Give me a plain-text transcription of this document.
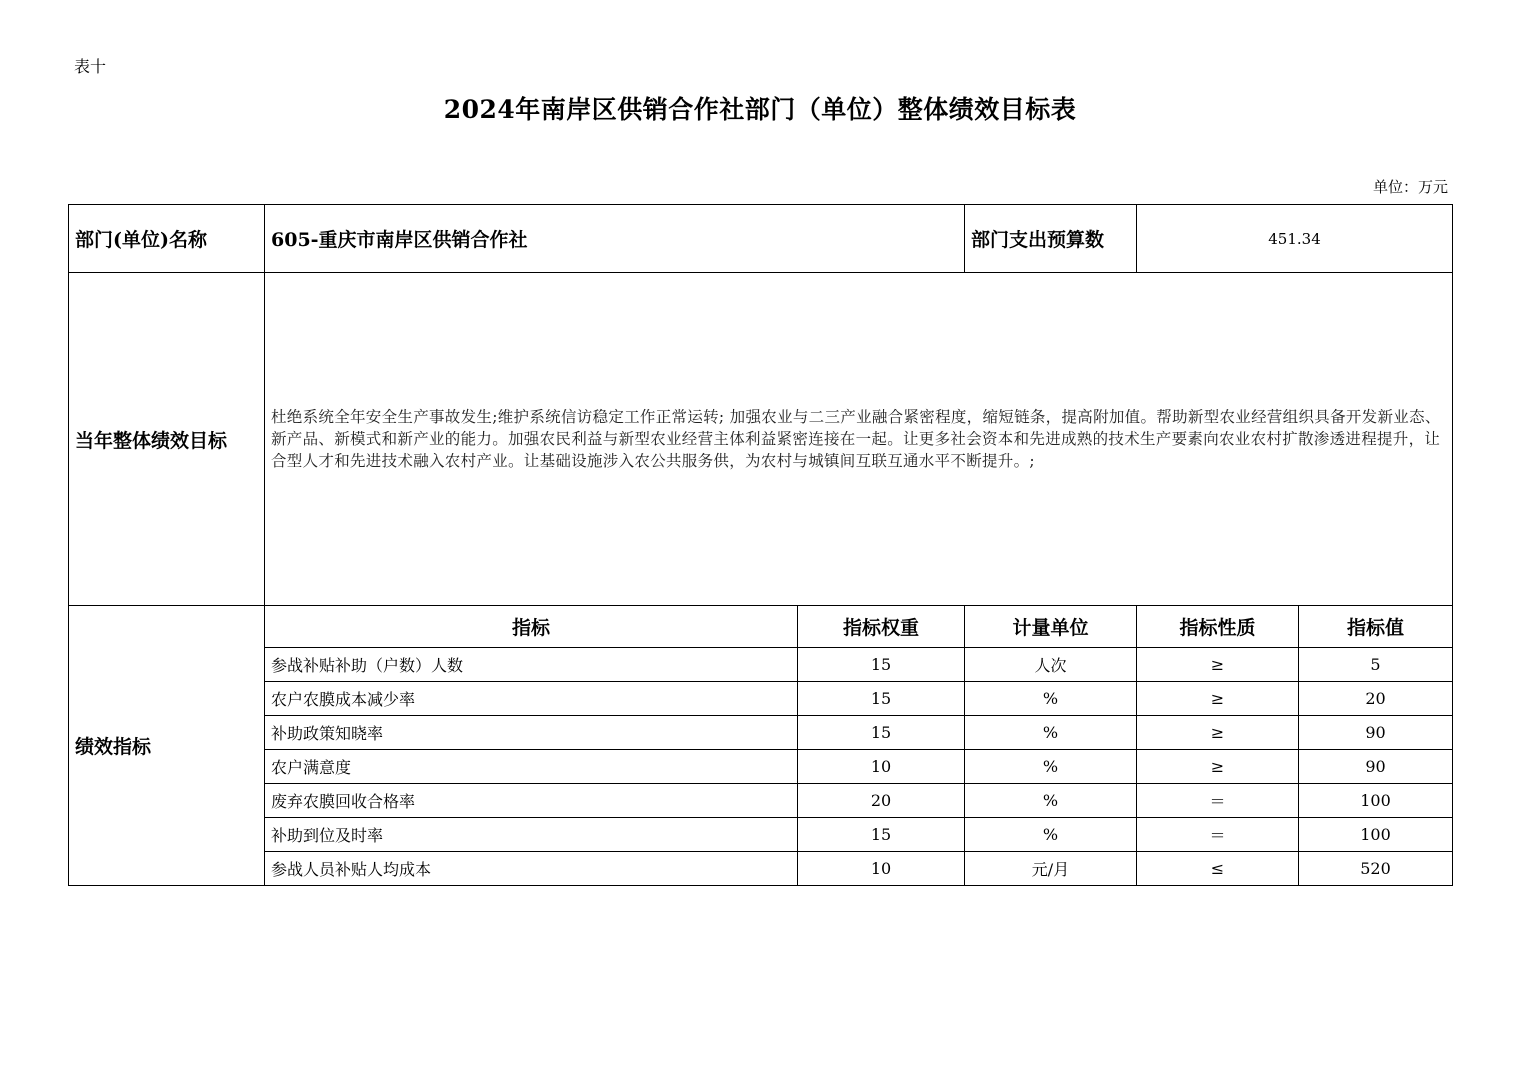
表十
2024年南岸区供销合作社部门（单位）整体绩效目标表
单位：万元
部门(单位)名称	605-重庆市南岸区供销合作社		部门支出预算数	451.34	
当年整体绩效目标	杜绝系统全年安全生产事故发生;维护系统信访稳定工作正常运转; 加强农业与二三产业融合紧密程度，缩短链条，提高附加值。帮助新型农业经营组织具备开发新业态、新产品、新模式和新产业的能力。加强农民利益与新型农业经营主体利益紧密连接在一起。让更多社会资本和先进成熟的技术生产要素向农业农村扩散渗透进程提升，让合型人才和先进技术融入农村产业。让基础设施涉入农公共服务供，为农村与城镇间互联互通水平不断提升。;				
绩效指标	指标	指标权重	计量单位	指标性质	指标值
	参战补贴补助（户数）人数	15	人次	≥	5
	农户农膜成本减少率	15	%	≥	20
	补助政策知晓率	15	%	≥	90
	农户满意度	10	%	≥	90
	废弃农膜回收合格率	20	%	＝	100
	补助到位及时率	15	%	＝	100
	参战人员补贴人均成本	10	元/月	≤	520
